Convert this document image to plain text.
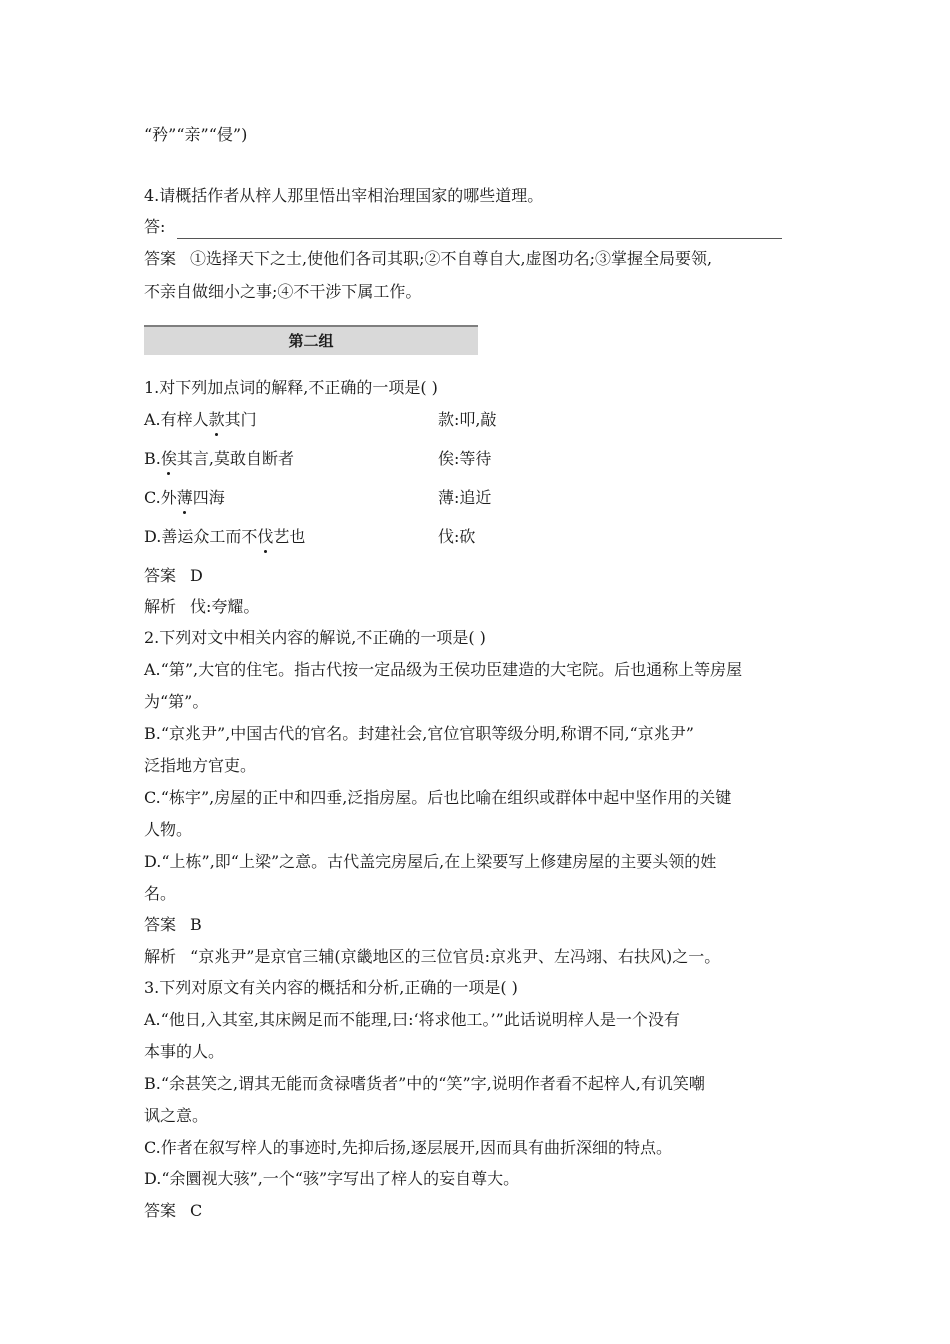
“矜”“亲”“侵”)
4.请概括作者从梓人那里悟出宰相治理国家的哪些道理。
答:
答案 ①选择天下之士,使他们各司其职;②不自尊自大,虚图功名;③掌握全局要领,
不亲自做细小之事;④不干涉下属工作。
第二组
1.对下列加点词的解释,不正确的一项是( )
A.有梓人款其门	款:叩,敲
B.俟其言,莫敢自断者	俟:等待
C.外薄四海	薄:追近
D.善运众工而不伐艺也	伐:砍
答案 D
解析 伐:夸耀。
2.下列对文中相关内容的解说,不正确的一项是( )
A.“第”,大官的住宅。指古代按一定品级为王侯功臣建造的大宅院。后也通称上等房屋
为“第”。
B.“京兆尹”,中国古代的官名。封建社会,官位官职等级分明,称谓不同,“京兆尹”
泛指地方官吏。
C.“栋宇”,房屋的正中和四垂,泛指房屋。后也比喻在组织或群体中起中坚作用的关键
人物。
D.“上栋”,即“上梁”之意。古代盖完房屋后,在上梁要写上修建房屋的主要头领的姓
名。
答案 B
解析 “京兆尹”是京官三辅(京畿地区的三位官员:京兆尹、左冯翊、右扶风)之一。
3.下列对原文有关内容的概括和分析,正确的一项是( )
A.“他日,入其室,其床阙足而不能理,曰:‘将求他工。’”此话说明梓人是一个没有
本事的人。
B.“余甚笑之,谓其无能而贪禄嗜货者”中的“笑”字,说明作者看不起梓人,有讥笑嘲
讽之意。
C.作者在叙写梓人的事迹时,先抑后扬,逐层展开,因而具有曲折深细的特点。
D.“余圜视大骇”,一个“骇”字写出了梓人的妄自尊大。
答案 C
